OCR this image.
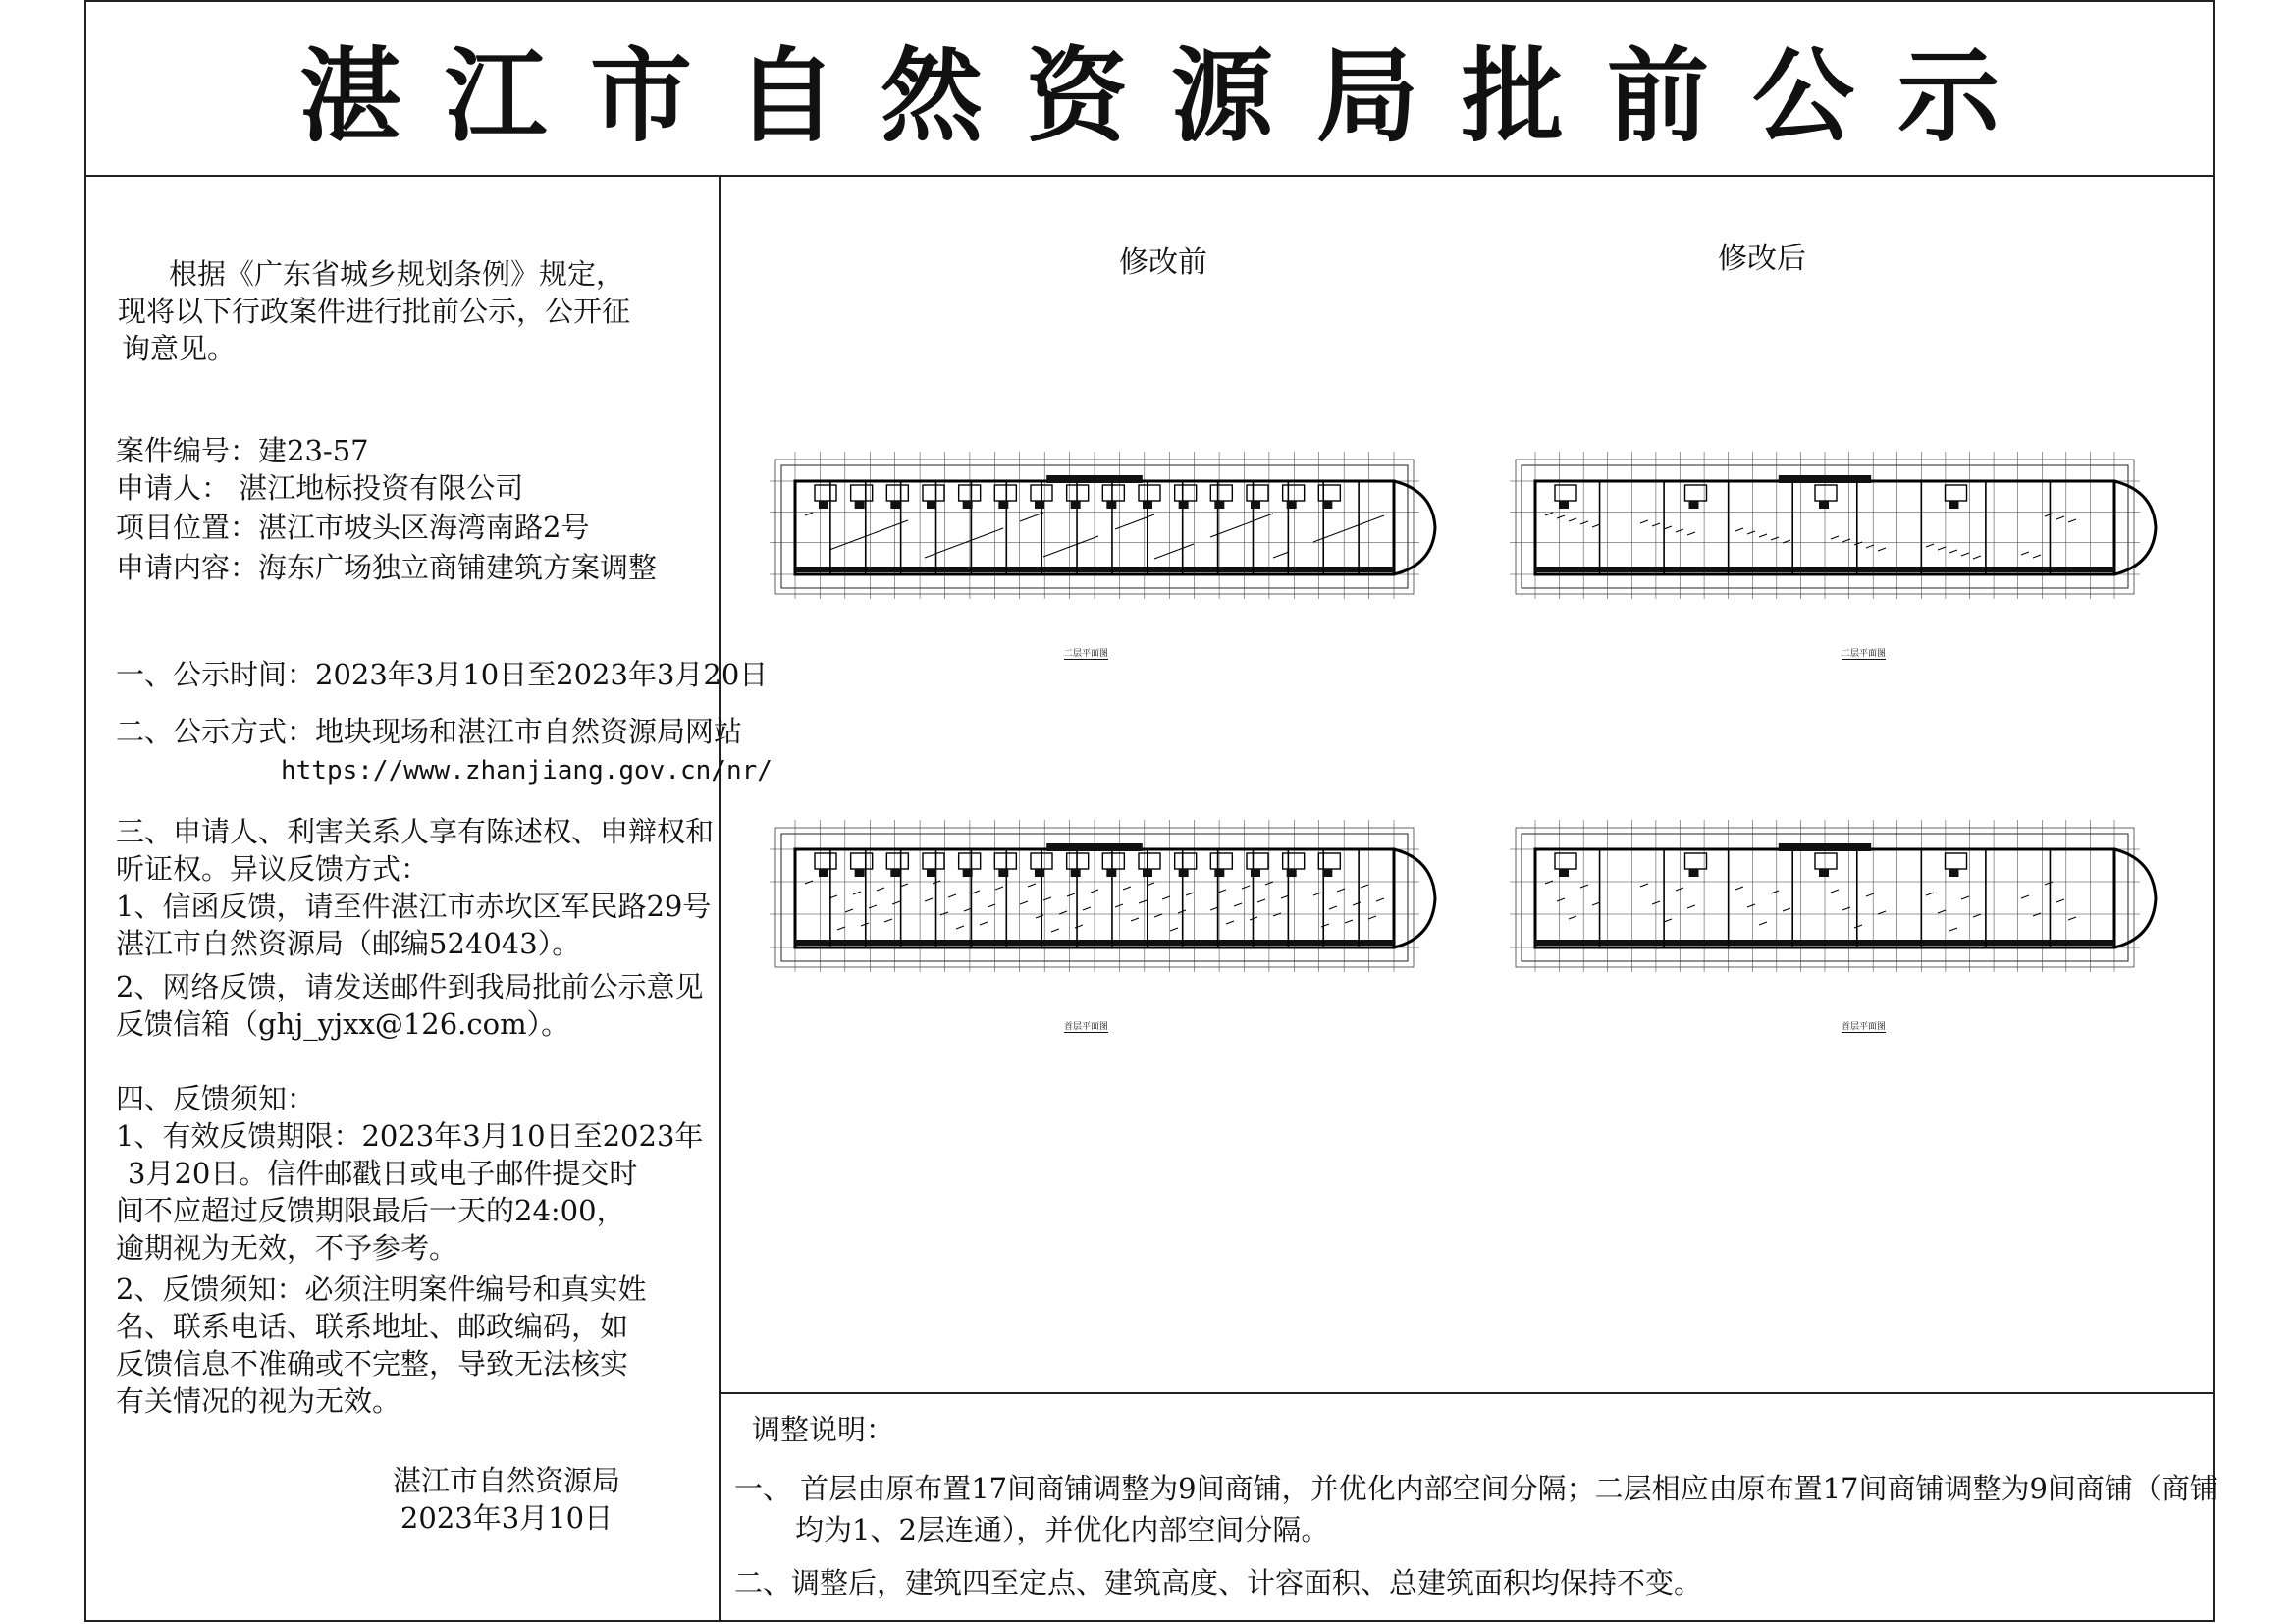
湛江市自然资源局批前公示
根据《广东省城乡规划条例》规定，
现将以下行政案件进行批前公示，公开征
询意见。
案件编号：建23-57
申请人： 湛江地标投资有限公司
项目位置：湛江市坡头区海湾南路2号
申请内容：海东广场独立商铺建筑方案调整
一、公示时间：2023年3月10日至2023年3月20日
二、公示方式：地块现场和湛江市自然资源局网站
https://www.zhanjiang.gov.cn/nr/
三、申请人、利害关系人享有陈述权、申辩权和
听证权。异议反馈方式：
1、信函反馈，请至件湛江市赤坎区军民路29号
湛江市自然资源局（邮编524043）。
2、网络反馈，请发送邮件到我局批前公示意见
反馈信箱（ghj_yjxx@126.com）。
四、反馈须知：
1、有效反馈期限：2023年3月10日至2023年
3月20日。信件邮戳日或电子邮件提交时
间不应超过反馈期限最后一天的24:00，
逾期视为无效，不予参考。
2、反馈须知：必须注明案件编号和真实姓
名、联系电话、联系地址、邮政编码，如
反馈信息不准确或不完整，导致无法核实
有关情况的视为无效。
湛江市自然资源局
2023年3月10日
修改前	修改后
二层平面图	二层平面图
首层平面图	首层平面图
调整说明：
一、 首层由原布置17间商铺调整为9间商铺，并优化内部空间分隔；二层相应由原布置17间商铺调整为9间商铺（商铺
均为1、2层连通），并优化内部空间分隔。
二、调整后，建筑四至定点、建筑高度、计容面积、总建筑面积均保持不变。
